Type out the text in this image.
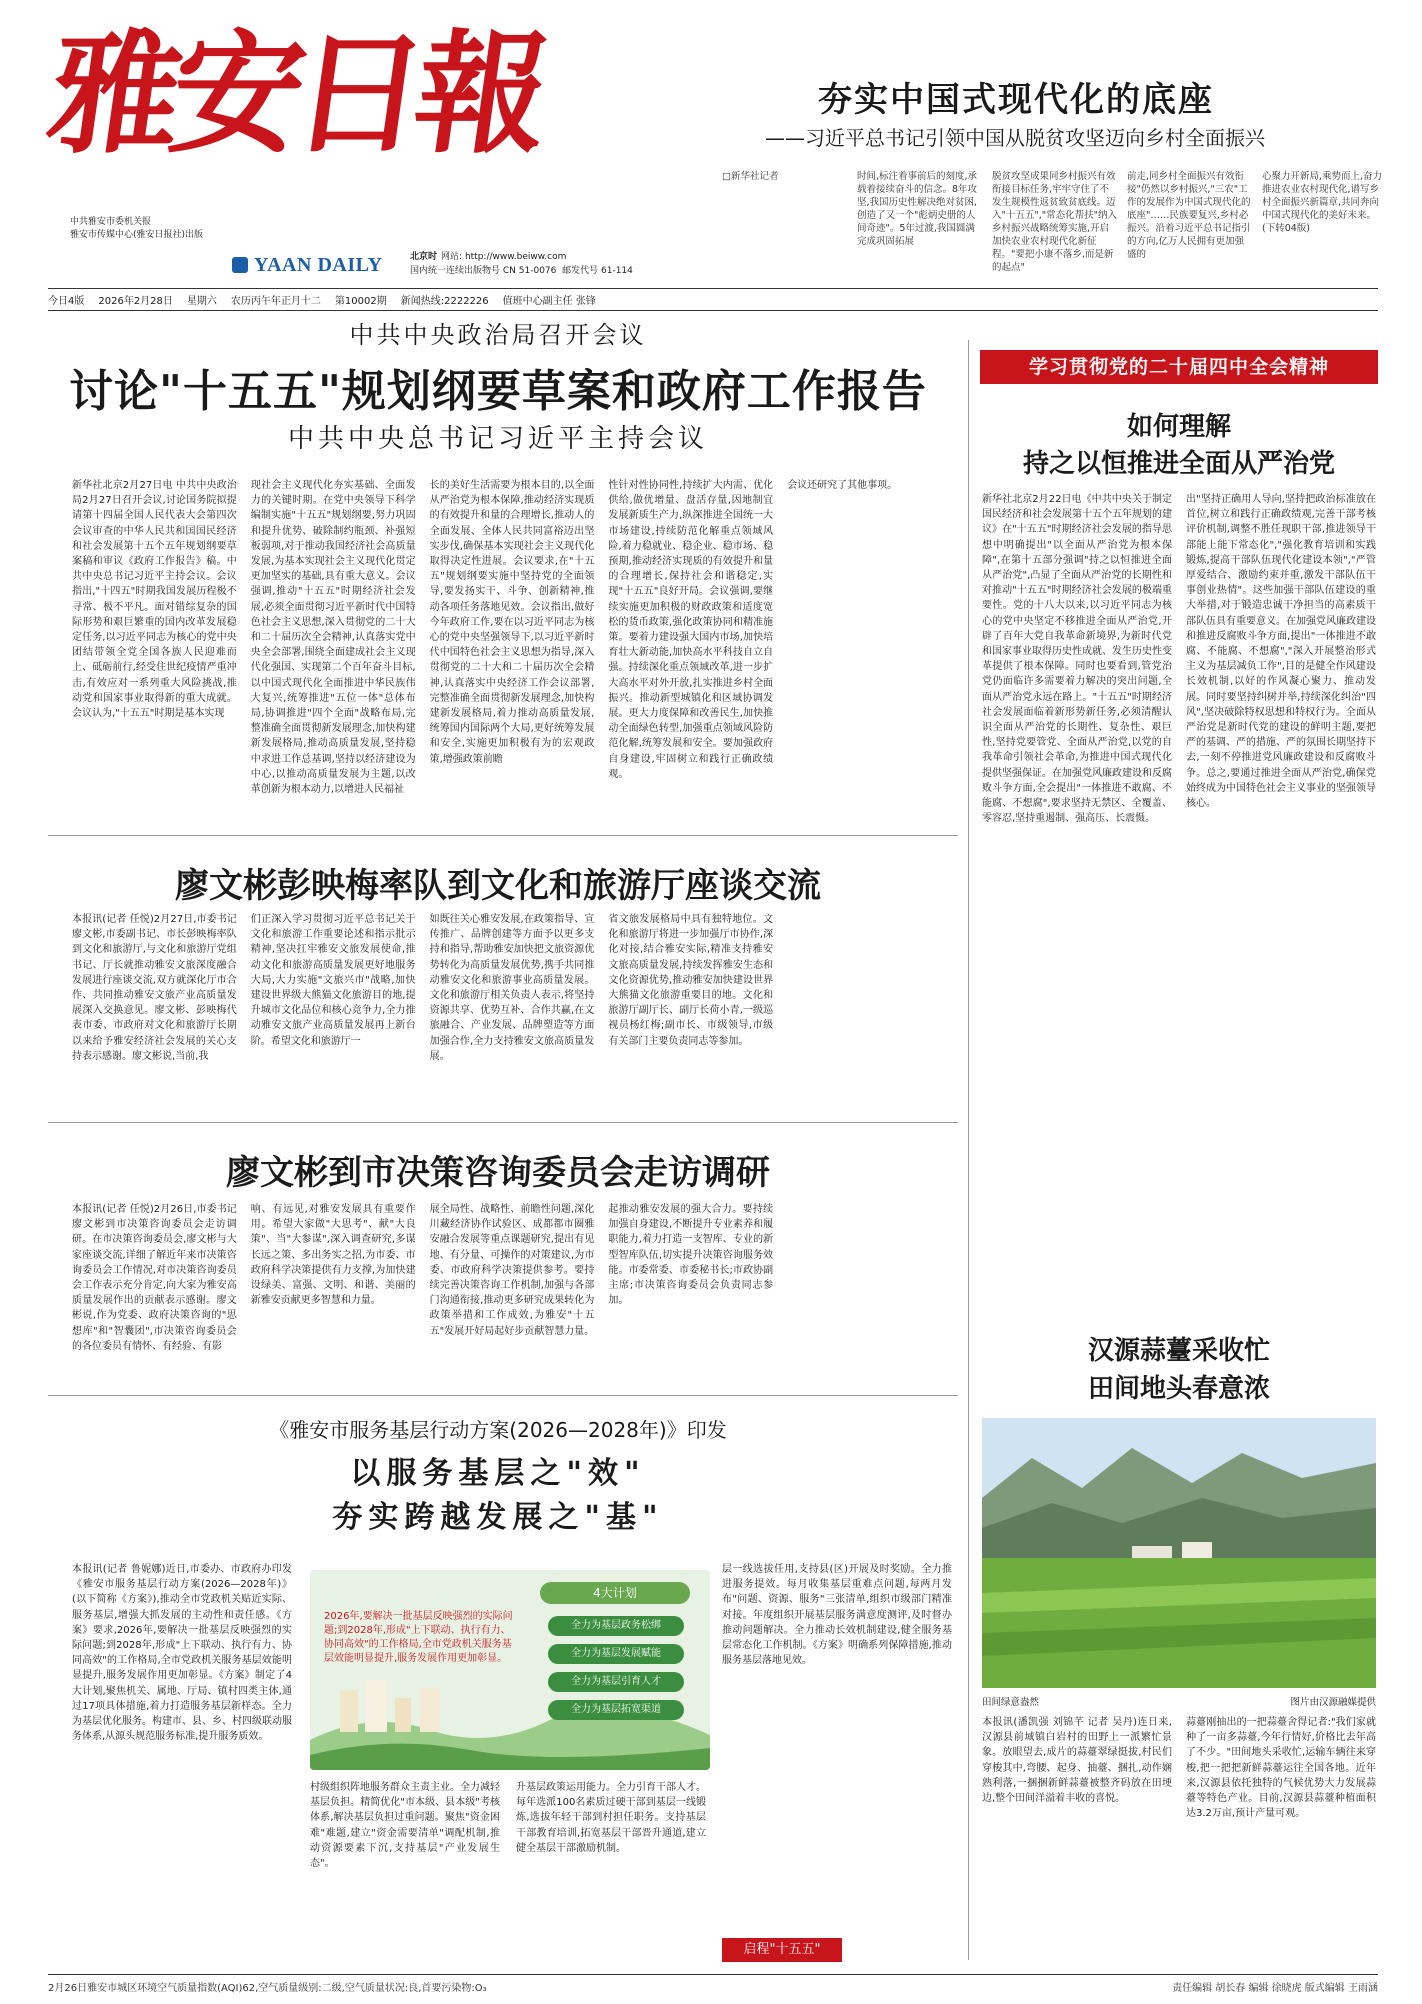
雅安日報
中共雅安市委机关报
雅安市传媒中心(雅安日报社)出版
YAAN DAILY	北京时 网站: http://www.beiww.com
国内统一连续出版物号 CN 51-0076 邮发代号 61-114
夯实中国式现代化的底座
——习近平总书记引领中国从脱贫攻坚迈向乡村全面振兴
□新华社记者	时间,标注着事前后的刻度,承载着接续奋斗的信念。8年攻坚,我国历史性解决绝对贫困,创造了又一个"彪炳史册的人间奇迹"。5年过渡,我国圆满完成巩固拓展
脱贫攻坚成果同乡村振兴有效衔接目标任务,牢牢守住了不发生规模性返贫致贫底线。迈入"十五五","常态化帮扶"纳入乡村振兴战略统筹实施,开启加快农业农村现代化新征程。"要把小康不落乡,而是新的起点"
前走,同乡村全面振兴有效衔接"仍然以乡村振兴,"三农"工作的发展作为中国式现代化的底座"……民族要复兴,乡村必振兴。沿着习近平总书记指引的方向,亿万人民拥有更加强盛的
心聚力开新局,乘势而上,奋力推进农业农村现代化,谱写乡村全面振兴新篇章,共同奔向中国式现代化的美好未来。(下转04版)
今日4版 2026年2月28日 星期六 农历丙午年正月十二 第10002期 新闻热线:2222226 值班中心副主任 张锋
中共中央政治局召开会议
讨论"十五五"规划纲要草案和政府工作报告
中共中央总书记习近平主持会议
新华社北京2月27日电 中共中央政治局2月27日召开会议,讨论国务院拟提请第十四届全国人民代表大会第四次会议审查的中华人民共和国国民经济和社会发展第十五个五年规划纲要草案稿和审议《政府工作报告》稿。中共中央总书记习近平主持会议。会议指出,"十四五"时期我国发展历程极不寻常、极不平凡。面对错综复杂的国际形势和艰巨繁重的国内改革发展稳定任务,以习近平同志为核心的党中央团结带领全党全国各族人民迎难而上、砥砺前行,经受住世纪疫情严重冲击,有效应对一系列重大风险挑战,推动党和国家事业取得新的重大成就。会议认为,"十五五"时期是基本实现
现社会主义现代化夯实基础、全面发力的关键时期。在党中央领导下科学编制实施"十五五"规划纲要,努力巩固和提升优势、破除制约瓶颈、补强短板弱项,对于推动我国经济社会高质量发展,为基本实现社会主义现代化贯定更加坚实的基础,具有重大意义。会议强调,推动"十五五"时期经济社会发展,必须全面贯彻习近平新时代中国特色社会主义思想,深入贯彻党的二十大和二十届历次全会精神,认真落实党中央全会部署,围绕全面建成社会主义现代化强国、实现第二个百年奋斗目标,以中国式现代化全面推进中华民族伟大复兴,统筹推进"五位一体"总体布局,协调推进"四个全面"战略布局,完整准确全面贯彻新发展理念,加快构建新发展格局,推动高质量发展,坚持稳中求进工作总基调,坚持以经济建设为中心,以推动高质量发展为主题,以改革创新为根本动力,以增进人民福祉
长的美好生活需要为根本目的,以全面从严治党为根本保障,推动经济实现质的有效提升和量的合理增长,推动人的全面发展、全体人民共同富裕迈出坚实步伐,确保基本实现社会主义现代化取得决定性进展。会议要求,在"十五五"规划纲要实施中坚持党的全面领导,要发扬实干、斗争、创新精神,推动各项任务落地见效。会议指出,做好今年政府工作,要在以习近平同志为核心的党中央坚强领导下,以习近平新时代中国特色社会主义思想为指导,深入贯彻党的二十大和二十届历次全会精神,认真落实中央经济工作会议部署,完整准确全面贯彻新发展理念,加快构建新发展格局,着力推动高质量发展,统筹国内国际两个大局,更好统筹发展和安全,实施更加积极有为的宏观政策,增强政策前瞻
性针对性协同性,持续扩大内需、优化供给,做优增量、盘活存量,因地制宜发展新质生产力,纵深推进全国统一大市场建设,持续防范化解重点领域风险,着力稳就业、稳企业、稳市场、稳预期,推动经济实现质的有效提升和量的合理增长,保持社会和谐稳定,实现"十五五"良好开局。会议强调,要继续实施更加积极的财政政策和适度宽松的货币政策,强化政策协同和精准施策。要着力建设强大国内市场,加快培育壮大新动能,加快高水平科技自立自强。持续深化重点领域改革,进一步扩大高水平对外开放,扎实推进乡村全面振兴。推动新型城镇化和区域协调发展。更大力度保障和改善民生,加快推动全面绿色转型,加强重点领域风险防范化解,统筹发展和安全。要加强政府自身建设,牢固树立和践行正确政绩观。
会议还研究了其他事项。
学习贯彻党的二十届四中全会精神
如何理解
持之以恒推进全面从严治党
新华社北京2月22日电《中共中央关于制定国民经济和社会发展第十五个五年规划的建议》在"十五五"时期经济社会发展的指导思想中明确提出"以全面从严治党为根本保障",在第十五部分强调"持之以恒推进全面从严治党",凸显了全面从严治党的长期性和对推动"十五五"时期经济社会发展的极端重要性。党的十八大以来,以习近平同志为核心的党中央坚定不移推进全面从严治党,开辟了百年大党自我革命新境界,为新时代党和国家事业取得历史性成就、发生历史性变革提供了根本保障。同时也要看到,管党治党仍面临许多需要着力解决的突出问题,全面从严治党永远在路上。"十五五"时期经济社会发展面临着新形势新任务,必须清醒认识全面从严治党的长期性、复杂性、艰巨性,坚持党要管党、全面从严治党,以党的自我革命引领社会革命,为推进中国式现代化提供坚强保证。在加强党风廉政建设和反腐败斗争方面,全会提出"一体推进不敢腐、不能腐、不想腐",要求坚持无禁区、全覆盖、零容忍,坚持重遏制、强高压、长震慑。
出"坚持正确用人导向,坚持把政治标准放在首位,树立和践行正确政绩观,完善干部考核评价机制,调整不胜任现职干部,推进领导干部能上能下常态化","强化教育培训和实践锻炼,提高干部队伍现代化建设本领","严管厚爱结合、激励约束并重,激发干部队伍干事创业热情"。这些加强干部队伍建设的重大举措,对于锻造忠诚干净担当的高素质干部队伍具有重要意义。在加强党风廉政建设和推进反腐败斗争方面,提出"一体推进不敢腐、不能腐、不想腐","深入开展整治形式主义为基层减负工作",目的是健全作风建设长效机制,以好的作风凝心聚力、推动发展。同时要坚持纠树并举,持续深化纠治"四风",坚决破除特权思想和特权行为。全面从严治党是新时代党的建设的鲜明主题,要把严的基调、严的措施、严的氛围长期坚持下去,一刻不停推进党风廉政建设和反腐败斗争。总之,要通过推进全面从严治党,确保党始终成为中国特色社会主义事业的坚强领导核心。
廖文彬彭映梅率队到文化和旅游厅座谈交流
本报讯(记者 任悦)2月27日,市委书记廖文彬,市委副书记、市长彭映梅率队到文化和旅游厅,与文化和旅游厅党组书记、厅长就推动雅安文旅深度融合发展进行座谈交流,双方就深化厅市合作、共同推动雅安文旅产业高质量发展深入交换意见。廖文彬、彭映梅代表市委、市政府对文化和旅游厅长期以来给予雅安经济社会发展的关心支持表示感谢。廖文彬说,当前,我
们正深入学习贯彻习近平总书记关于文化和旅游工作重要论述和指示批示精神,坚决扛牢雅安文旅发展使命,推动文化和旅游高质量发展更好地服务大局,大力实施"文旅兴市"战略,加快建设世界级大熊猫文化旅游目的地,提升城市文化品位和核心竞争力,全力推动雅安文旅产业高质量发展再上新台阶。希望文化和旅游厅一
如既往关心雅安发展,在政策指导、宣传推广、品牌创建等方面予以更多支持和指导,帮助雅安加快把文旅资源优势转化为高质量发展优势,携手共同推动雅安文化和旅游事业高质量发展。文化和旅游厅相关负责人表示,将坚持资源共享、优势互补、合作共赢,在文旅融合、产业发展、品牌塑造等方面加强合作,全力支持雅安文旅高质量发展。
省文旅发展格局中具有独特地位。文化和旅游厅将进一步加强厅市协作,深化对接,结合雅安实际,精准支持雅安文旅高质量发展,持续发挥雅安生态和文化资源优势,推动雅安加快建设世界大熊猫文化旅游重要目的地。文化和旅游厅副厅长、副厅长荷小青,一级巡视员杨红梅;副市长、市级领导,市级有关部门主要负责同志等参加。
廖文彬到市决策咨询委员会走访调研
本报讯(记者 任悦)2月26日,市委书记廖文彬到市决策咨询委员会走访调研。在市决策咨询委员会,廖文彬与大家座谈交流,详细了解近年来市决策咨询委员会工作情况,对市决策咨询委员会工作表示充分肯定,向大家为雅安高质量发展作出的贡献表示感谢。廖文彬说,作为党委、政府决策咨询的"思想库"和"智囊团",市决策咨询委员会的各位委员有情怀、有经验、有影
响、有远见,对雅安发展具有重要作用。希望大家做"大思考"、献"大良策"、当"大参谋",深入调查研究,多谋长远之策、多出务实之招,为市委、市政府科学决策提供有力支撑,为加快建设绿美、富强、文明、和谐、美丽的新雅安贡献更多智慧和力量。
展全局性、战略性、前瞻性问题,深化川藏经济协作试验区、成都都市圈雅安融合发展等重点课题研究,提出有见地、有分量、可操作的对策建议,为市委、市政府科学决策提供参考。要持续完善决策咨询工作机制,加强与各部门沟通衔接,推动更多研究成果转化为政策举措和工作成效,为雅安"十五五"发展开好局起好步贡献智慧力量。
起推动雅安发展的强大合力。要持续加强自身建设,不断提升专业素养和履职能力,着力打造一支智库、专业的新型智库队伍,切实提升决策咨询服务效能。市委常委、市委秘书长;市政协副主席;市决策咨询委员会负责同志参加。
《雅安市服务基层行动方案(2026—2028年)》印发
以服务基层之"效"
夯实跨越发展之"基"
本报讯(记者 鲁妮娜)近日,市委办、市政府办印发《雅安市服务基层行动方案(2026—2028年)》(以下简称《方案》),推动全市党政机关贴近实际、服务基层,增强大抓发展的主动性和责任感。《方案》要求,2026年,要解决一批基层反映强烈的实际问题;到2028年,形成"上下联动、执行有力、协同高效"的工作格局,全市党政机关服务基层效能明显提升,服务发展作用更加彰显。《方案》制定了4大计划,聚焦机关、属地、厅局、镇村四类主体,通过17项具体措施,着力打造服务基层新样态。全力为基层优化服务。构建市、县、乡、村四级联动服务体系,从源头规范服务标准,提升服务质效。
2026年,要解决一批基层反映强烈的实际问题;到2028年,形成"上下联动、执行有力、协同高效"的工作格局,全市党政机关服务基层效能明显提升,服务发展作用更加彰显。
4大计划
全力为基层政务松绑
全力为基层发展赋能
全力为基层引育人才
全力为基层拓宽渠道
村级组织阵地服务群众主责主业。全力减轻基层负担。精简优化"市本级、县本级"考核体系,解决基层负担过重问题。聚焦"资金困难"难题,建立"资金需要清单"调配机制,推动资源要素下沉,支持基层"产业发展生态"。
升基层政策运用能力。全力引育干部人才。每年选派100名素质过硬干部到基层一线锻炼,选拔年轻干部到村担任职务。支持基层干部教育培训,拓宽基层干部晋升通道,建立健全基层干部激励机制。
层一线选拔任用,支持县(区)开展及时奖励。全力推进服务提效。每月收集基层重难点问题,每两月发布"问题、资源、服务"三张清单,组织市级部门精准对接。年度组织开展基层服务满意度测评,及时督办推动问题解决。全力推动长效机制建设,健全服务基层常态化工作机制。《方案》明确系列保障措施,推动服务基层落地见效。
启程"十五五"
汉源蒜薹采收忙
田间地头春意浓
田间绿意盎然	图片由汉源融媒提供
本报讯(潘凯强 刘锦芊 记者 吴丹)连日来,汉源县前域镇白岩村的田野上一派繁忙景象。放眼望去,成片的蒜薹翠绿挺拔,村民们穿梭其中,弯腰、起身、抽薹、捆扎,动作娴熟利落,一捆捆新鲜蒜薹被整齐码放在田埂边,整个田间洋溢着丰收的喜悦。
蒜薹刚抽出的一把蒜薹舍得记者:"我们家就种了一亩多蒜薹,今年行情好,价格比去年高了不少。"田间地头采收忙,运输车辆往来穿梭,把一把把新鲜蒜薹运往全国各地。近年来,汉源县依托独特的气候优势大力发展蒜薹等特色产业。目前,汉源县蒜薹种植面积达3.2万亩,预计产量可观。
2月26日雅安市城区环境空气质量指数(AQI)62,空气质量级别:二级,空气质量状况:良,首要污染物:O₃	责任编辑 胡长春 编辑 徐晓虎 版式编辑 王雨涵
